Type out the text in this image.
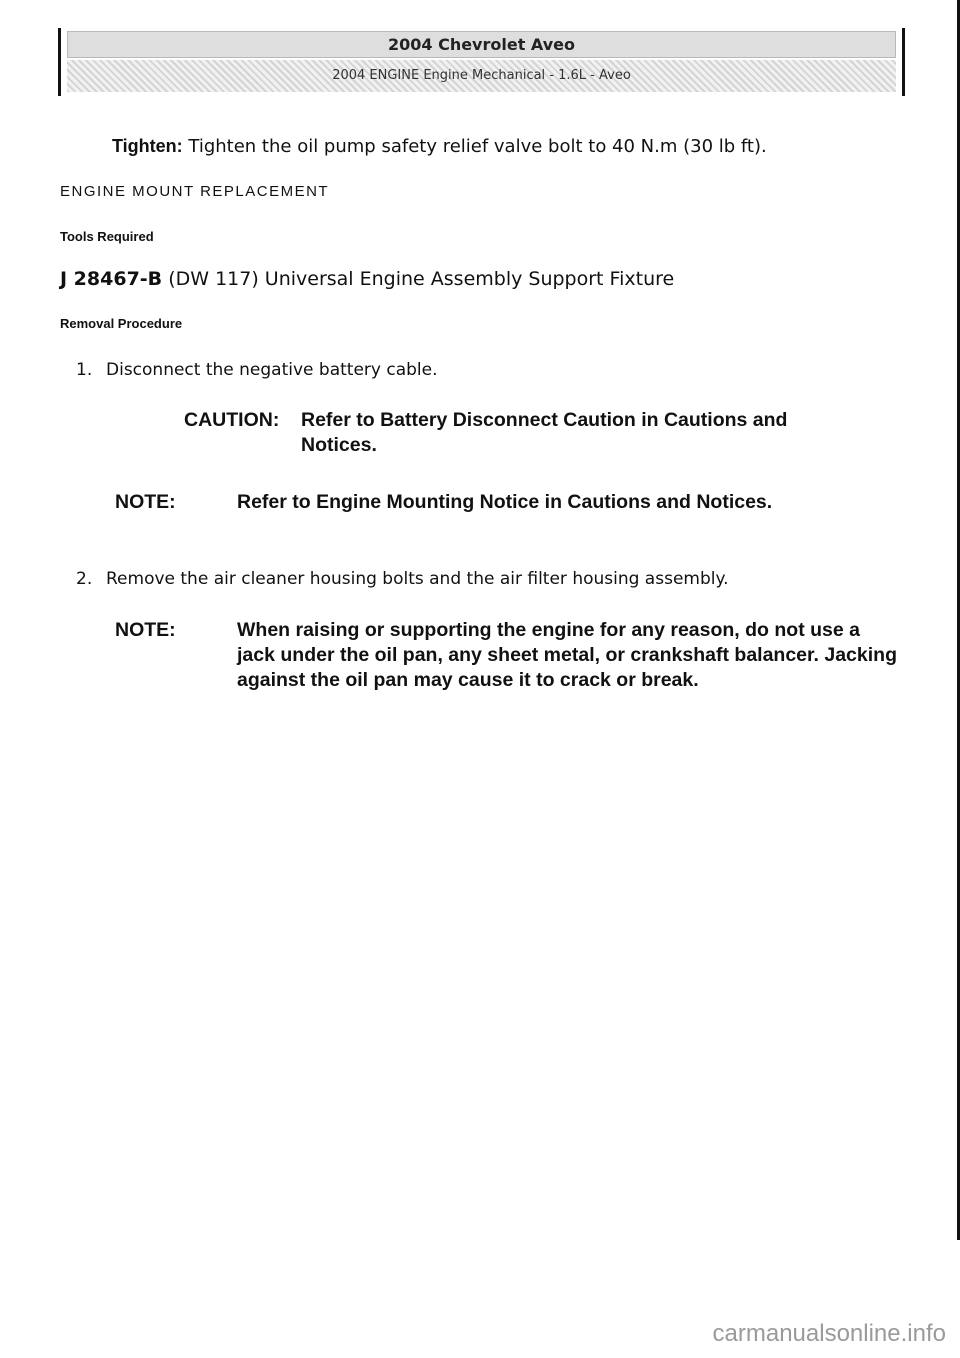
2004 Chevrolet Aveo
2004 ENGINE Engine Mechanical - 1.6L - Aveo
Tighten: Tighten the oil pump safety relief valve bolt to 40 N.m (30 lb ft).
ENGINE MOUNT REPLACEMENT
Tools Required
J 28467-B (DW 117) Universal Engine Assembly Support Fixture
Removal Procedure
1. Disconnect the negative battery cable.
CAUTION: Refer to Battery Disconnect Caution in Cautions and
Notices.
NOTE:	Refer to Engine Mounting Notice in Cautions and Notices.
2. Remove the air cleaner housing bolts and the air filter housing assembly.
NOTE:	When raising or supporting the engine for any reason, do not use a jack under the oil pan, any sheet metal, or crankshaft balancer. Jacking against the oil pan may cause it to crack or break.
carmanualsonline.info
